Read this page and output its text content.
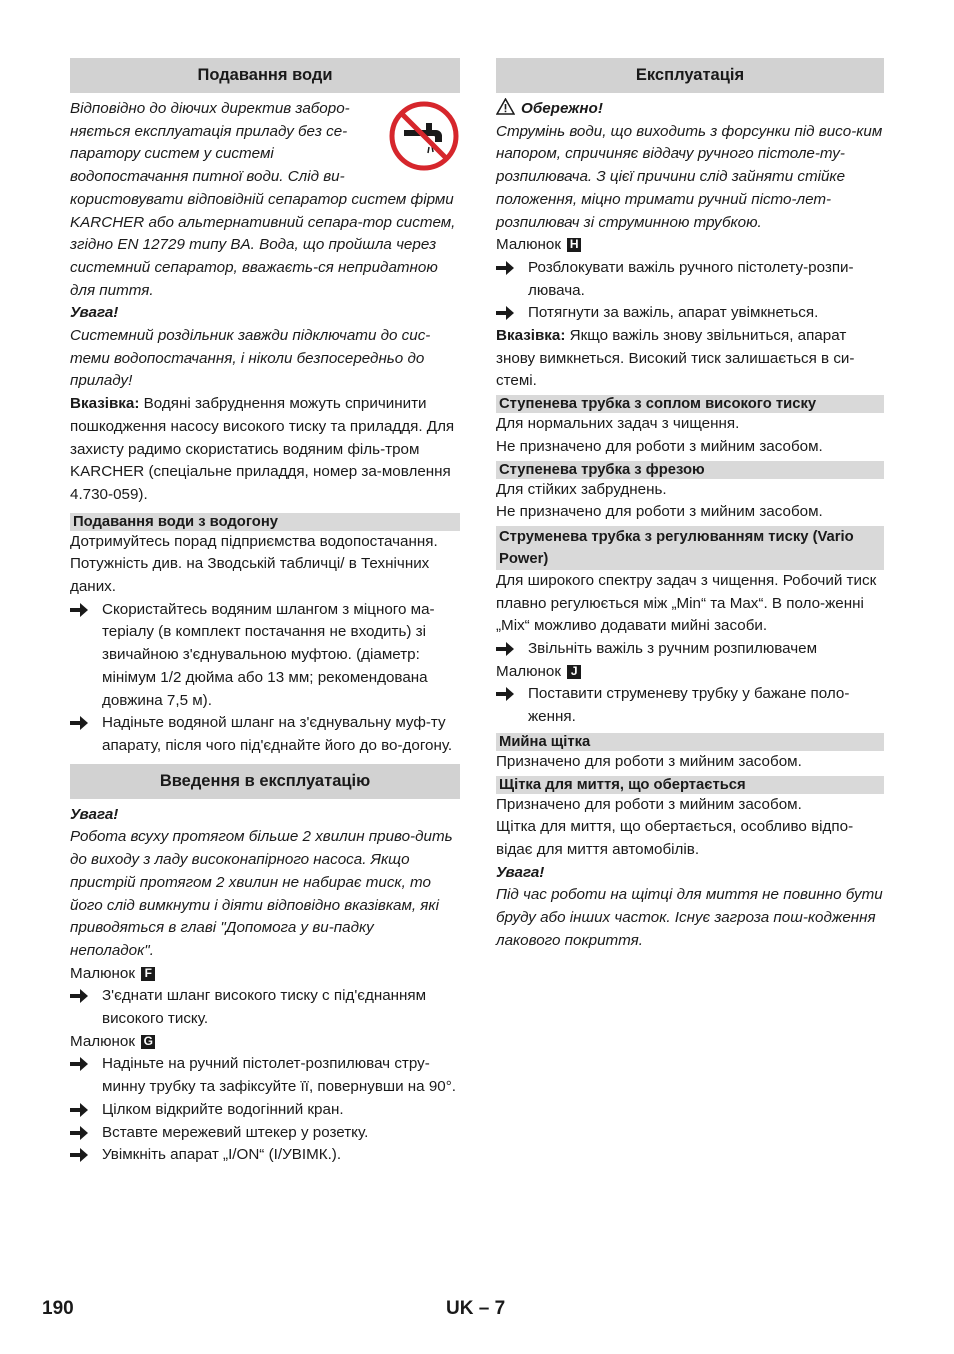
Подавання води

Відповідно до діючих директив заборо-няється експлуатація приладу без се-паратору систем у системі водопостачання питної води. Слід ви-користовувати відповідній сепаратор систем фірми KARCHER або альтернативний сепара-тор систем, згідно EN 12729 типу BA. Вода, що пройшла через системний сепаратор, вважаєть-ся непридатною для пиття.

Увага!

Системний роздільник завжди підключати до сис-теми водопостачання, і ніколи безпосередньо до приладу!

Вказівка: Водяні забруднення можуть спричинити пошкодження насосу високого тиску та приладдя. Для захисту радимо скористатись водяним філь-тром KARCHER (спеціальне приладдя, номер за-мовлення 4.730-059).

Подавання води з водогону

Дотримуйтесь порад підприємства водопостачання. Потужність див. на Зводській табличці/ в Технічних даних.

Скористайтесь водяним шлангом з міцного ма-теріалу (в комплект постачання не входить) зі звичайною з'єднувальною муфтою. (діаметр: мінімум 1/2 дюйма або 13 мм; рекомендована довжина 7,5 м).
Надіньте водяной шланг на з'єднувальну муф-ту апарату, після чого під'єднайте його до во-догону.
Введення в експлуатацію

Увага!

Робота всуху протягом більше 2 хвилин приво-дить до виходу з ладу високонапірного насоса. Якщо пристрій протягом 2 хвилин не набирає тиск, то його слід вимкнути і діяти відповідно вказівкам, які приводяться в главі "Допомога у ви-падку неполадок".

Малюнок F

З'єднати шланг високого тиску с під'єднанням високого тиску.

Малюнок G

Надіньте на ручний пістолет-розпилювач стру-минну трубку та зафіксуйте її, повернувши на 90°.
Цілком відкрийте водогінний кран.
Вставте мережевий штекер у розетку.
Увімкніть апарат „I/ON“ (I/УВІМК.).
Експлуатація

Обережно!

Струмінь води, що виходить з форсунки під висо-ким напором, спричиняє віддачу ручного пістоле-ту-розпилювача. З цієї причини слід зайняти стійке положення, міцно тримати ручний пісто-лет-розпилювач зі струминною трубкою.

Малюнок H

Розблокувати важіль ручного пістолету-розпи-лювача.
Потягнути за важіль, апарат увімкнеться.

Вказівка: Якщо важіль знову звільниться, апарат знову вимкнеться. Високий тиск залишається в си-стемі.

Ступенева трубка з соплом високого тиску

Для нормальних задач з чищення.

Не призначено для роботи з мийним засобом.

Ступенева трубка з фрезою

Для стійких забруднень.

Не призначено для роботи з мийним засобом.

Струменева трубка з регулюванням тиску (Vario Power)

Для широкого спектру задач з чищення. Робочий тиск плавно регулюється між „Min“ та Max“. В поло-женні „Mix“ можливо додавати мийні засоби.

Звільніть важіль з ручним розпилювачем

Малюнок J

Поставити струменеву трубку у бажане поло-ження.
Мийна щітка

Призначено для роботи з мийним засобом.

Щітка для миття, що обертається

Призначено для роботи з мийним засобом.

Щітка для миття, що обертається, особливо відпо-відає для миття автомобілів.

Увага!

Під час роботи на щітці для миття не повинно бути бруду або інших часток. Існує загроза пош-кодження лакового покриття.

190	UK – 7
